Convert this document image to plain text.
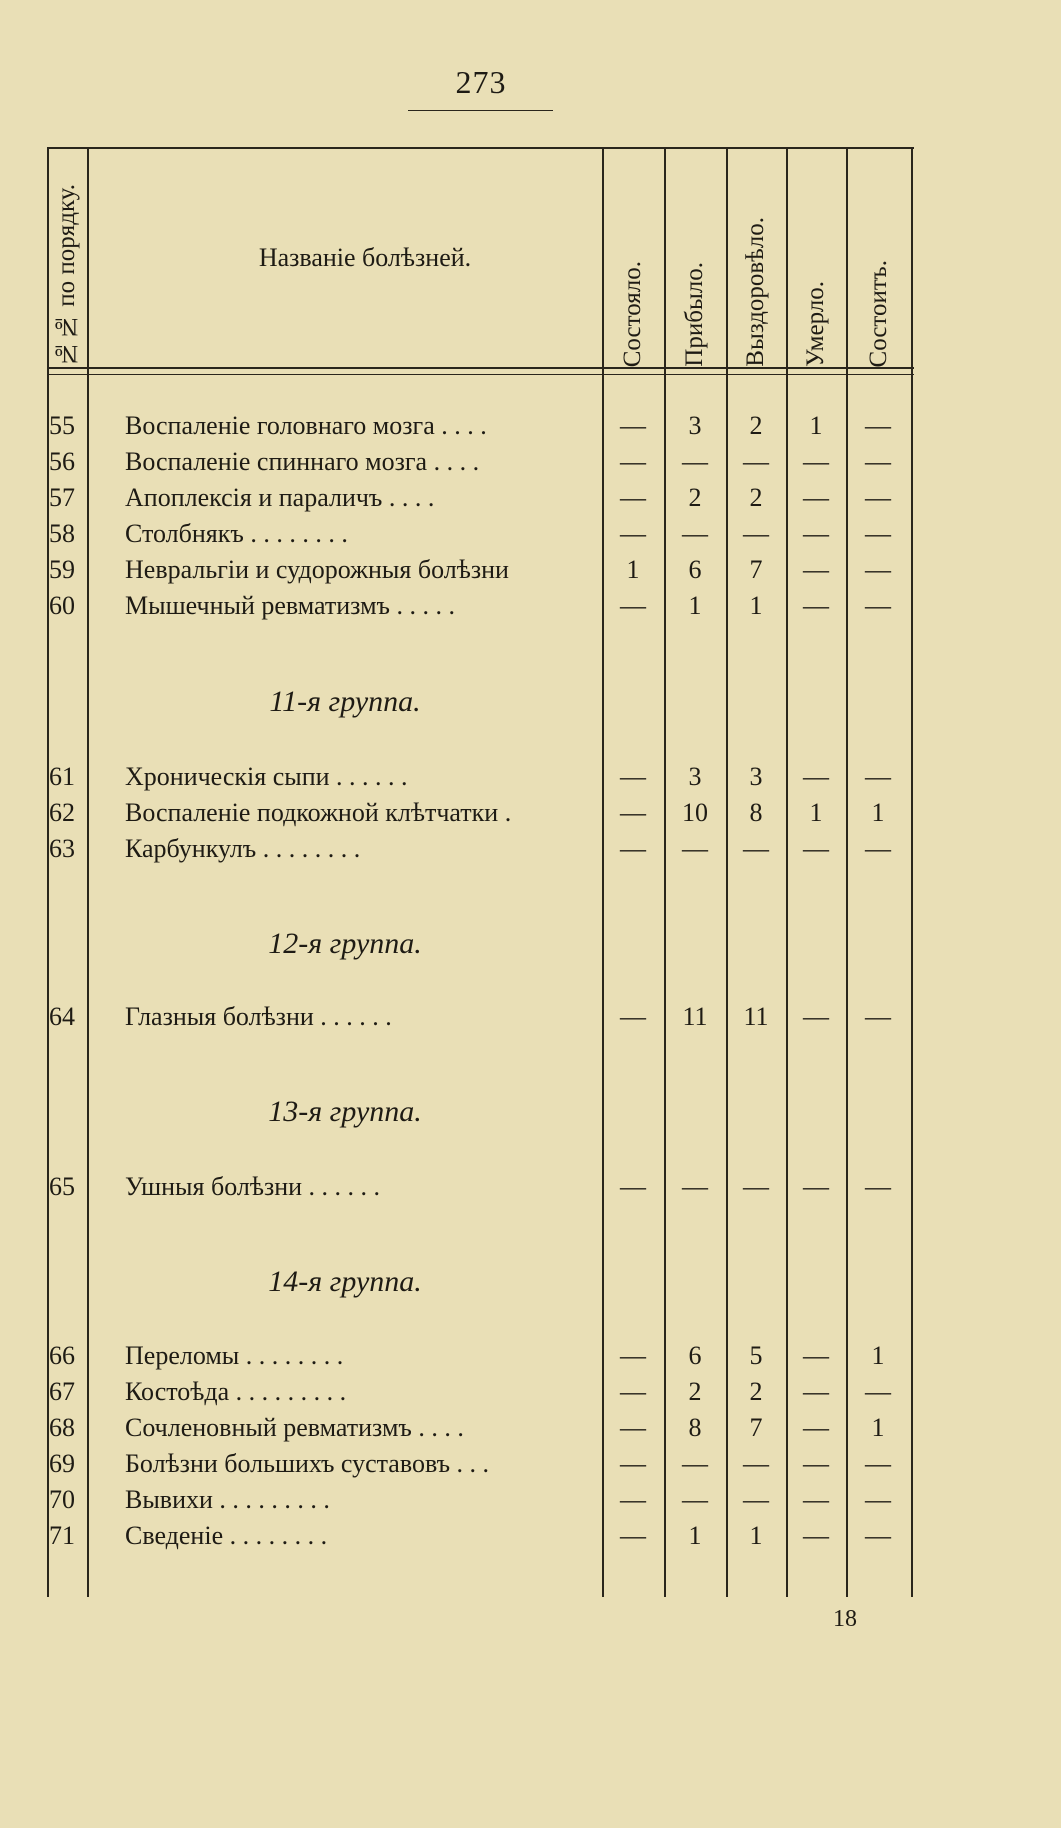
273
№№ по порядку.	Названіе болѣзней.
Состояло. Прибыло. Выздоровѣло. Умерло. Состоитъ.
55	Воспаленіе головнаго мозга . . . .	—	3	2	1	—
56	Воспаленіе спиннаго мозга . . . .	—	—	—	—	—
57	Апоплексія и параличъ . . . .	—	2	2	—	—
58	Столбнякъ . . . . . . . .	—	—	—	—	—
59	Невральгіи и судорожныя болѣзни	1	6	7	—	—
60	Мышечный ревматизмъ . . . . .	—	1	1	—	—
11-я группа.
61	Хроническія сыпи . . . . . .	—	3	3	—	—
62	Воспаленіе подкожной клѣтчатки .	—	10	8	1	1
63	Карбункулъ . . . . . . . .	—	—	—	—	—
12-я группа.
64	Глазныя болѣзни . . . . . .	—	11	11	—	—
13-я группа.
65	Ушныя болѣзни . . . . . .	—	—	—	—	—
14-я группа.
66	Переломы . . . . . . . .	—	6	5	—	1
67	Костоѣда . . . . . . . . .	—	2	2	—	—
68	Сочленовный ревматизмъ . . . .	—	8	7	—	1
69	Болѣзни большихъ суставовъ . . .	—	—	—	—	—
70	Вывихи . . . . . . . . .	—	—	—	—	—
71	Сведеніе . . . . . . . .	—	1	1	—	—
18
